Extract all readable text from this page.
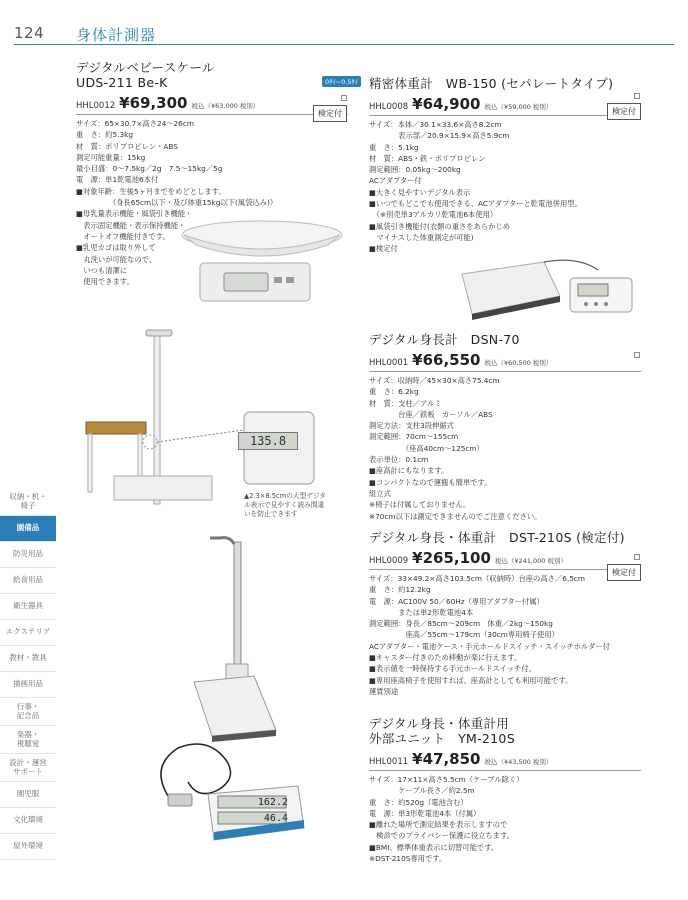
124 身体計測器
収納・机・
椅子
園備品
防災用品
給食用品
衛生器具
エクステリア
教材・教具
描画用品
行事・
記念品
楽器・
視聴覚
設計・運営
サポート
園児服
文化環境
屋外環境
デジタルベビースケール
UDS-211 Be-K
HHL0012 ¥69,300 税込（¥63,000 税別）
サイズ：65×30.7×高さ24～26cm
重　さ：約5.3kg
材　質：ポリプロピレン・ABS
測定可能重量：15kg
最小目盛：0～7.5kg／2g　7.5～15kg／5g
電　源：単1乾電池6本付
■対象年齢：生後5ヶ月までをめどとします。
　　　　　（身長65cm以下・及び体重15kg以下(風袋込み)）
■母乳量表示機能・風袋引き機能・
　表示固定機能・表示保持機能・
　オートオフ機能付きです。
■乳児カゴは取り外して
　丸洗いが可能なので、
　いつも清潔に
　使用できます。
0ｻｲ~0.5ｻｲ
検定付
精密体重計　WB-150 (セパレートタイプ)
HHL0008 ¥64,900 税込（¥59,000 税別）
サイズ：本体／30.1×33.6×高さ8.2cm
　　　　表示部／20.9×15.9×高さ5.9cm
重　さ：5.1kg
材　質：ABS・鉄・ポリプロピレン
測定範囲：0.05kg～200kg
ACアダプター付
■大きく見やすいデジタル表示
■いつでもどこでも使用できる、ACアダプターと乾電池併用型。
　（※別売単3アルカリ乾電池6本使用）
■風袋引き機能付(衣類の重さをあらかじめ
　マイナスした体重測定が可能)
■検定付
検定付
デジタル身長計　DSN-70
HHL0001 ¥66,550 税込（¥60,500 税別）
サイズ：収納時／45×30×高さ75.4cm
重　さ：6.2kg
材　質：支柱／アルミ
　　　　台座／鉄板　カーソル／ABS
測定方法：支柱3段伸縮式
測定範囲：70cm～155cm
　　　　　（座高40cm～125cm）
表示単位：0.1cm
■座高計にもなります。
■コンパクトなので運搬も簡単です。
組立式
※椅子は付属しておりません。
※70cm以下は測定できませんのでご注意ください。
135.8
▲2.3×8.5cmの大型デジタ
ル表示で見やすく読み間違
いを防止できます
デジタル身長・体重計　DST-210S (検定付)
HHL0009 ¥265,100 税込（¥241,000 税別）
サイズ：33×49.2×高さ103.5cm（収納時）台座の高さ／6.5cm
重　さ：約12.2kg
電　源：AC100V 50／60Hz（専用アダプター付属）
　　　　または単2形乾電池4本
測定範囲：身長／85cm～209cm　体重／2kg～150kg
　　　　　座高／55cm～179cm（30cm専用椅子使用）
ACアダプター・電池ケース・手元ホールドスイッチ・スイッチホルダー付
■キャスター付きのため移動が楽に行えます。
■表示値を一時保持する手元ホールドスイッチ付。
■専用座高椅子を使用すれば、座高計としても利用可能です。
運賃別途
検定付
デジタル身長・体重計用
外部ユニット　YM-210S
HHL0011 ¥47,850 税込（¥43,500 税別）
サイズ：17×11×高さ5.5cm（ケーブル除く）
　　　　ケーブル長さ／約2.5m
重　さ：約520g（電池含む）
電　源：単3形乾電池4本（付属）
■離れた場所で測定結果を表示しますので
　検診でのプライバシー保護に役立ちます。
■BMI、標準体重表示に切替可能です。
※DST-210S専用です。
162.2
46.4
